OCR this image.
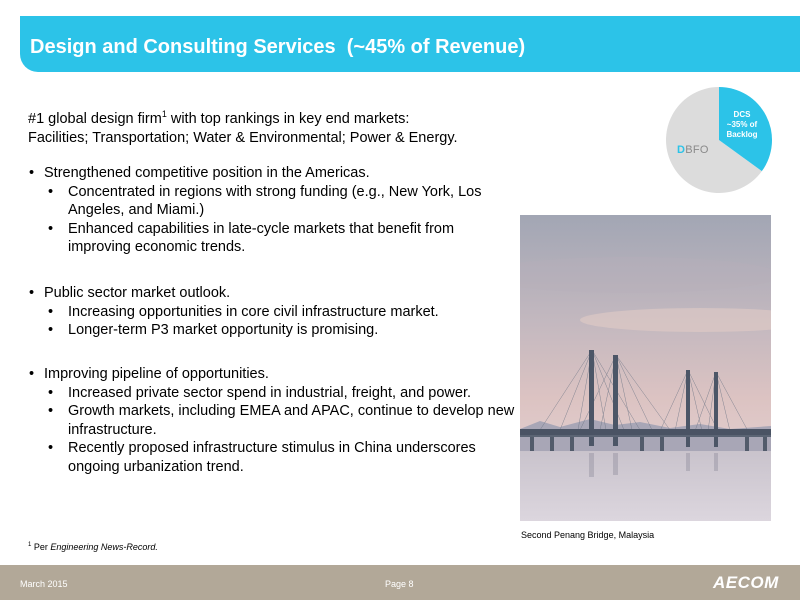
Design and Consulting Services  (~45% of Revenue)
#1 global design firm$^1$ with top rankings in key end markets:
Facilities; Transportation; Water & Environmental; Power & Energy.
• Strengthened competitive position in the Americas.
• Concentrated in regions with strong funding (e.g., New York, Los Angeles, and Miami.)
• Enhanced capabilities in late-cycle markets that benefit from improving economic trends.
• Public sector market outlook.
• Increasing opportunities in core civil infrastructure market.
• Longer-term P3 market opportunity is promising.
• Improving pipeline of opportunities.
• Increased private sector spend in industrial, freight, and power.
• Growth markets, including EMEA and APAC, continue to develop new infrastructure.
• Recently proposed infrastructure stimulus in China underscores ongoing urbanization trend.
DCS
~35% of
Backlog
DBFO
Second Penang Bridge, Malaysia
$^1$ Per Engineering News-Record.
March 2015	Page 8	AECOM
